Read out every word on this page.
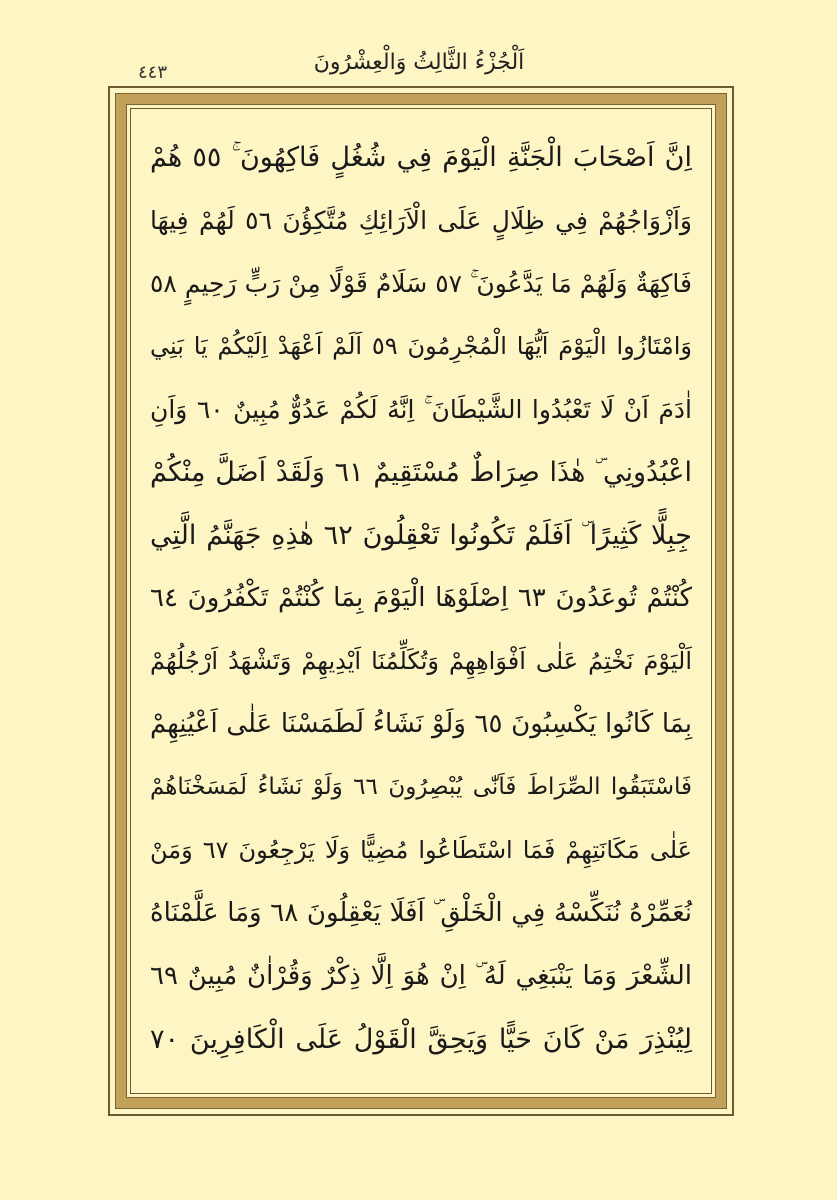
اَلْجُزْءُ الثَّالِثُ وَالْعِشْرُونَ
٤٤٣
اِنَّ اَصْحَابَ الْجَنَّةِ الْيَوْمَ فِي شُغُلٍ فَاكِهُونَ ۚ ٥٥ هُمْ
وَاَزْوَاجُهُمْ فِي ظِلَالٍ عَلَى الْاَرَائِكِ مُتَّكِؤُنَ ٥٦ لَهُمْ فِيهَا
فَاكِهَةٌ وَلَهُمْ مَا يَدَّعُونَ ۚ ٥٧ سَلَامٌ قَوْلًا مِنْ رَبٍّ رَحِيمٍ ٥٨
وَامْتَازُوا الْيَوْمَ اَيُّهَا الْمُجْرِمُونَ ٥٩ اَلَمْ اَعْهَدْ اِلَيْكُمْ يَا بَنِي
اٰدَمَ اَنْ لَا تَعْبُدُوا الشَّيْطَانَ ۚ اِنَّهُ لَكُمْ عَدُوٌّ مُبِينٌ ٦٠ وَاَنِ
اعْبُدُونِي ۜ هٰذَا صِرَاطٌ مُسْتَقِيمٌ ٦١ وَلَقَدْ اَضَلَّ مِنْكُمْ
جِبِلًّا كَثِيرًا ۜ اَفَلَمْ تَكُونُوا تَعْقِلُونَ ٦٢ هٰذِهِ جَهَنَّمُ الَّتِي
كُنْتُمْ تُوعَدُونَ ٦٣ اِصْلَوْهَا الْيَوْمَ بِمَا كُنْتُمْ تَكْفُرُونَ ٦٤
اَلْيَوْمَ نَخْتِمُ عَلٰى اَفْوَاهِهِمْ وَتُكَلِّمُنَا اَيْدِيهِمْ وَتَشْهَدُ اَرْجُلُهُمْ
بِمَا كَانُوا يَكْسِبُونَ ٦٥ وَلَوْ نَشَاءُ لَطَمَسْنَا عَلٰى اَعْيُنِهِمْ
فَاسْتَبَقُوا الصِّرَاطَ فَاَنّٰى يُبْصِرُونَ ٦٦ وَلَوْ نَشَاءُ لَمَسَخْنَاهُمْ
عَلٰى مَكَانَتِهِمْ فَمَا اسْتَطَاعُوا مُضِيًّا وَلَا يَرْجِعُونَ ٦٧ وَمَنْ
نُعَمِّرْهُ نُنَكِّسْهُ فِي الْخَلْقِ ۜ اَفَلَا يَعْقِلُونَ ٦٨ وَمَا عَلَّمْنَاهُ
الشِّعْرَ وَمَا يَنْبَغِي لَهُ ۜ اِنْ هُوَ اِلَّا ذِكْرٌ وَقُرْاٰنٌ مُبِينٌ ٦٩
لِيُنْذِرَ مَنْ كَانَ حَيًّا وَيَحِقَّ الْقَوْلُ عَلَى الْكَافِرِينَ ٧٠
